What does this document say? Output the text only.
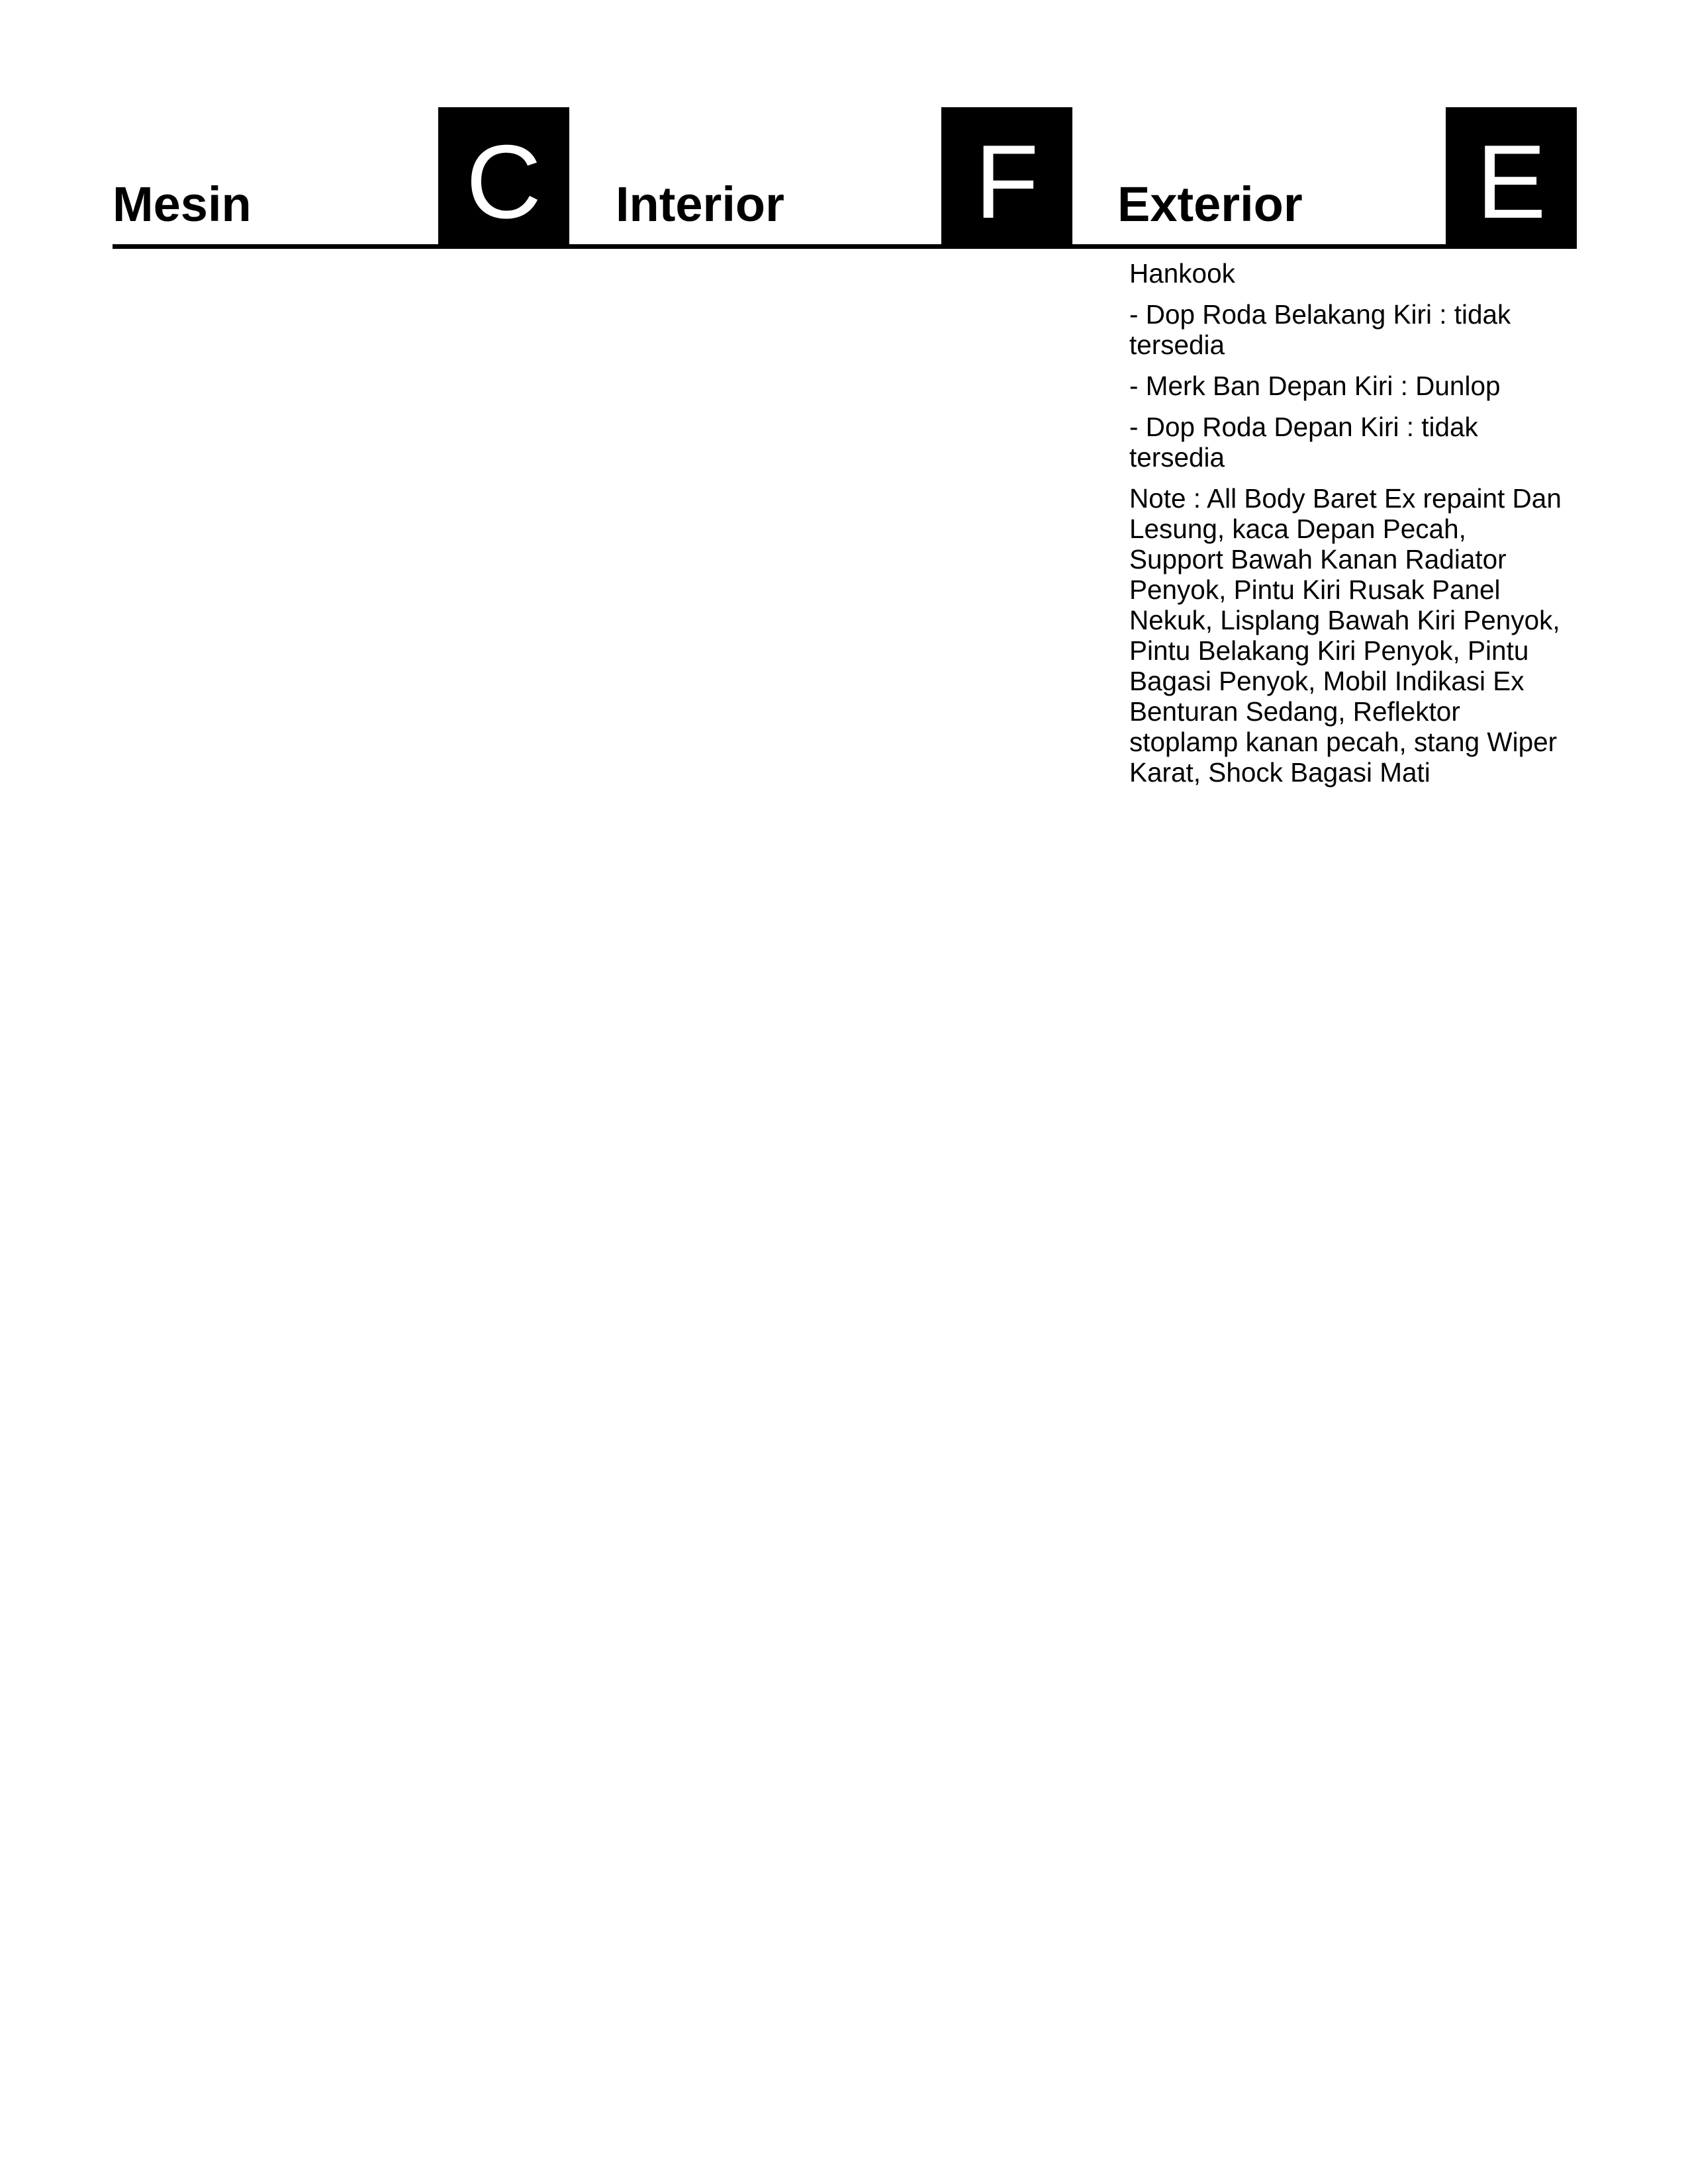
Mesin C	Interior	F	Exterior E

Hankook

- Dop Roda Belakang Kiri : tidak tersedia

- Merk Ban Depan Kiri : Dunlop

- Dop Roda Depan Kiri : tidak tersedia

Note : All Body Baret Ex repaint Dan Lesung, kaca Depan Pecah, Support Bawah Kanan Radiator Penyok, Pintu Kiri Rusak Panel Nekuk, Lisplang Bawah Kiri Penyok, Pintu Belakang Kiri Penyok, Pintu Bagasi Penyok, Mobil Indikasi Ex Benturan Sedang, Reflektor stoplamp kanan pecah, stang Wiper Karat, Shock Bagasi Mati
